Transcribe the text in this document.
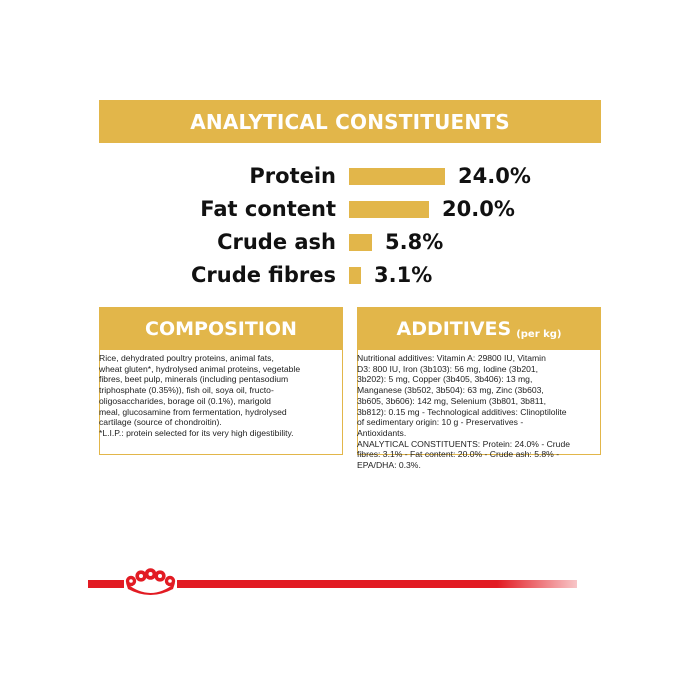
ANALYTICAL CONSTITUENTS
Protein	24.0%
Fat content	20.0%
Crude ash 5.8%
Crude fibres 3.1%
COMPOSITION
Rice, dehydrated poultry proteins, animal fats,
wheat gluten*, hydrolysed animal proteins, vegetable
fibres, beet pulp, minerals (including pentasodium
triphosphate (0.35%)), fish oil, soya oil, fructo-
oligosaccharides, borage oil (0.1%), marigold
meal, glucosamine from fermentation, hydrolysed
cartilage (source of chondroitin).
*L.I.P.: protein selected for its very high digestibility.
ADDITIVES (per kg)
Nutritional additives: Vitamin A: 29800 IU, Vitamin
D3: 800 IU, Iron (3b103): 56 mg, Iodine (3b201,
3b202): 5 mg, Copper (3b405, 3b406): 13 mg,
Manganese (3b502, 3b504): 63 mg, Zinc (3b603,
3b605, 3b606): 142 mg, Selenium (3b801, 3b811,
3b812): 0.15 mg - Technological additives: Clinoptilolite
of sedimentary origin: 10 g - Preservatives -
Antioxidants.
ANALYTICAL CONSTITUENTS: Protein: 24.0% - Crude
fibres: 3.1% - Fat content: 20.0% - Crude ash: 5.8% -
EPA/DHA: 0.3%.
